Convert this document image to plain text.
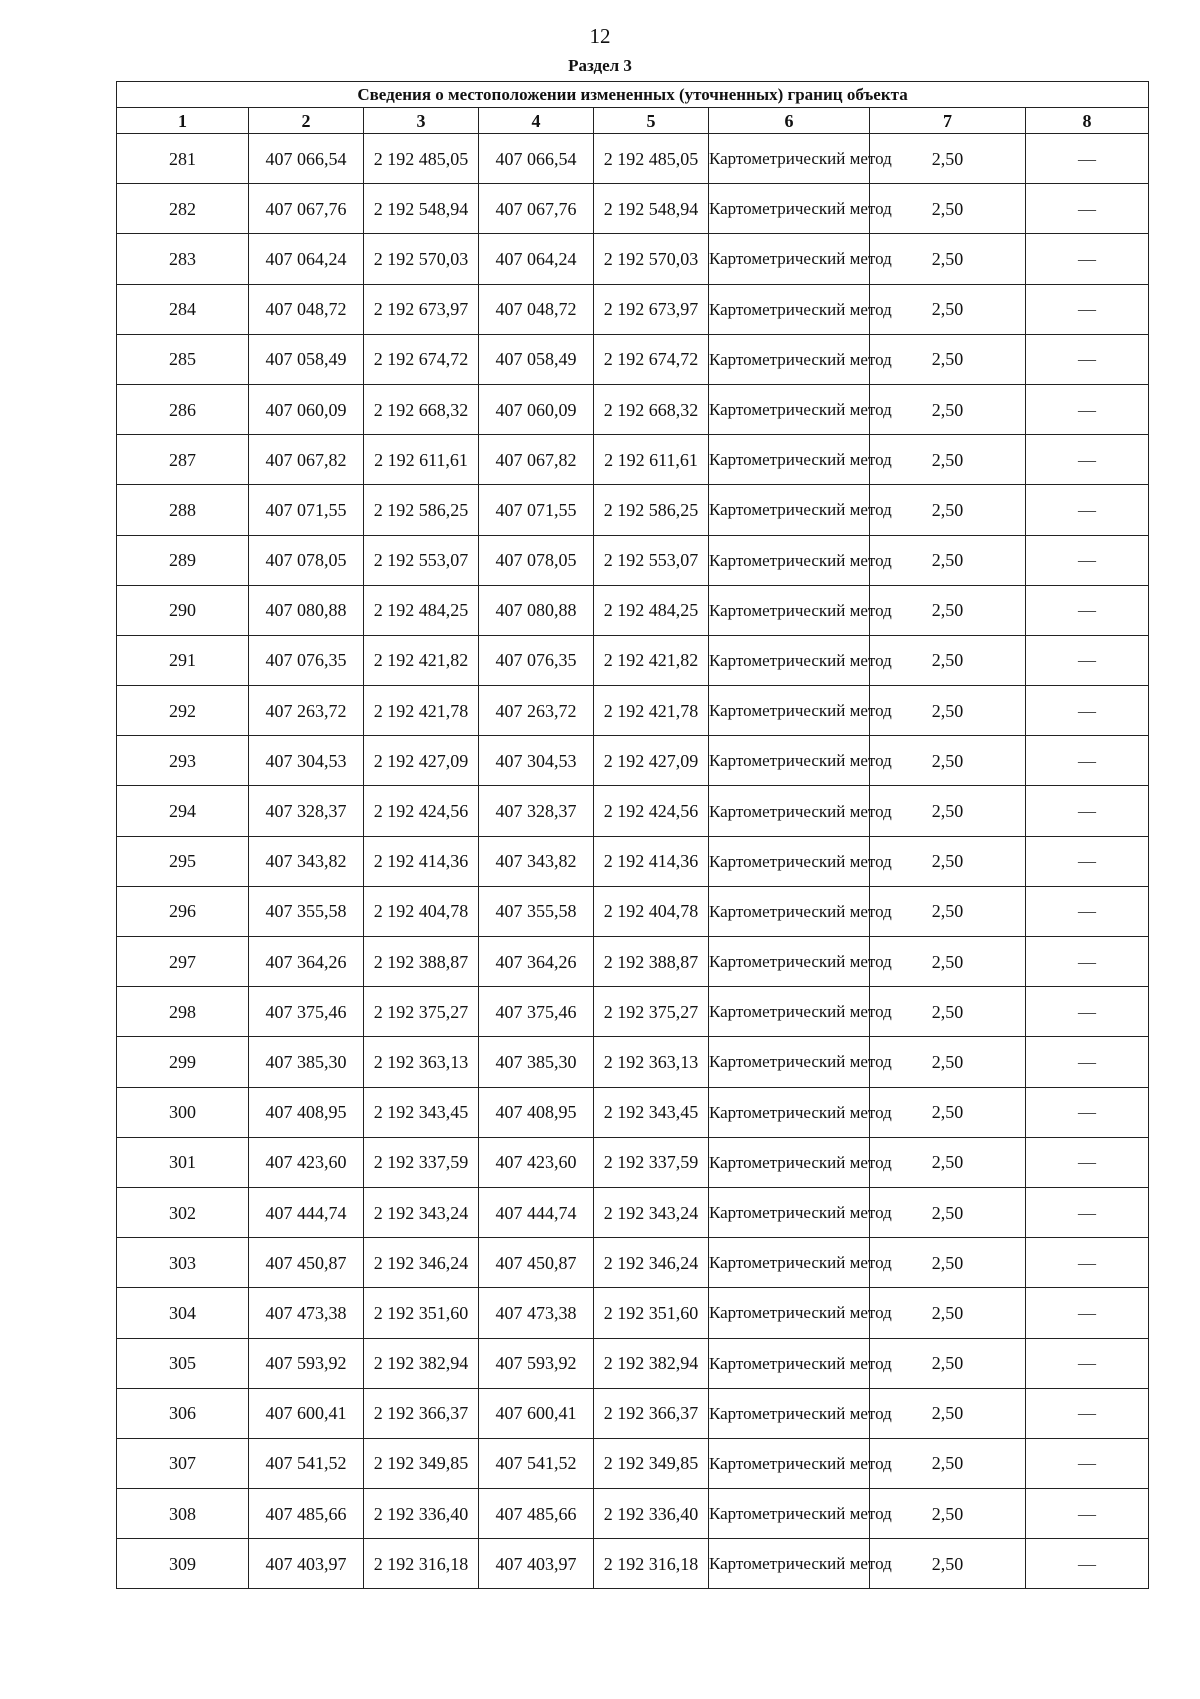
12
Раздел 3
Сведения о местоположении измененных (уточненных) границ объекта							
1	2	3	4	5	6	7	8
281	407 066,54	2 192 485,05	407 066,54	2 192 485,05	Картометрический метод	2,50	—
282	407 067,76	2 192 548,94	407 067,76	2 192 548,94	Картометрический метод	2,50	—
283	407 064,24	2 192 570,03	407 064,24	2 192 570,03	Картометрический метод	2,50	—
284	407 048,72	2 192 673,97	407 048,72	2 192 673,97	Картометрический метод	2,50	—
285	407 058,49	2 192 674,72	407 058,49	2 192 674,72	Картометрический метод	2,50	—
286	407 060,09	2 192 668,32	407 060,09	2 192 668,32	Картометрический метод	2,50	—
287	407 067,82	2 192 611,61	407 067,82	2 192 611,61	Картометрический метод	2,50	—
288	407 071,55	2 192 586,25	407 071,55	2 192 586,25	Картометрический метод	2,50	—
289	407 078,05	2 192 553,07	407 078,05	2 192 553,07	Картометрический метод	2,50	—
290	407 080,88	2 192 484,25	407 080,88	2 192 484,25	Картометрический метод	2,50	—
291	407 076,35	2 192 421,82	407 076,35	2 192 421,82	Картометрический метод	2,50	—
292	407 263,72	2 192 421,78	407 263,72	2 192 421,78	Картометрический метод	2,50	—
293	407 304,53	2 192 427,09	407 304,53	2 192 427,09	Картометрический метод	2,50	—
294	407 328,37	2 192 424,56	407 328,37	2 192 424,56	Картометрический метод	2,50	—
295	407 343,82	2 192 414,36	407 343,82	2 192 414,36	Картометрический метод	2,50	—
296	407 355,58	2 192 404,78	407 355,58	2 192 404,78	Картометрический метод	2,50	—
297	407 364,26	2 192 388,87	407 364,26	2 192 388,87	Картометрический метод	2,50	—
298	407 375,46	2 192 375,27	407 375,46	2 192 375,27	Картометрический метод	2,50	—
299	407 385,30	2 192 363,13	407 385,30	2 192 363,13	Картометрический метод	2,50	—
300	407 408,95	2 192 343,45	407 408,95	2 192 343,45	Картометрический метод	2,50	—
301	407 423,60	2 192 337,59	407 423,60	2 192 337,59	Картометрический метод	2,50	—
302	407 444,74	2 192 343,24	407 444,74	2 192 343,24	Картометрический метод	2,50	—
303	407 450,87	2 192 346,24	407 450,87	2 192 346,24	Картометрический метод	2,50	—
304	407 473,38	2 192 351,60	407 473,38	2 192 351,60	Картометрический метод	2,50	—
305	407 593,92	2 192 382,94	407 593,92	2 192 382,94	Картометрический метод	2,50	—
306	407 600,41	2 192 366,37	407 600,41	2 192 366,37	Картометрический метод	2,50	—
307	407 541,52	2 192 349,85	407 541,52	2 192 349,85	Картометрический метод	2,50	—
308	407 485,66	2 192 336,40	407 485,66	2 192 336,40	Картометрический метод	2,50	—
309	407 403,97	2 192 316,18	407 403,97	2 192 316,18	Картометрический метод	2,50	—
